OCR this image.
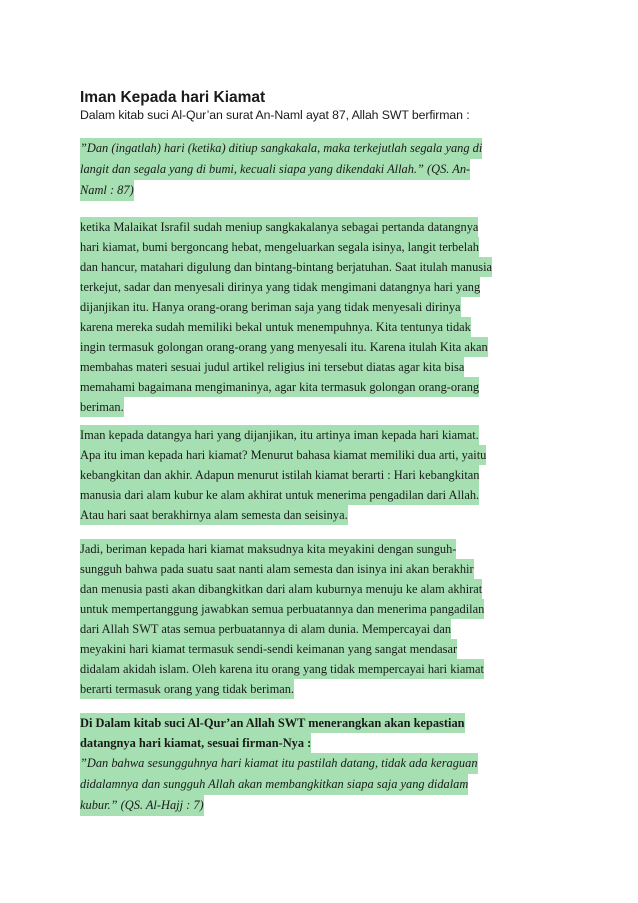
Iman Kepada hari Kiamat

Dalam kitab suci Al-Qur’an surat An-Naml ayat 87, Allah SWT berfirman :

”Dan (ingatlah) hari (ketika) ditiup sangkakala, maka terkejutlah segala yang di
langit dan segala yang di bumi, kecuali siapa yang dikendaki Allah.” (QS. An-
Naml : 87)
ketika Malaikat Israfil sudah meniup sangkakalanya sebagai pertanda datangnya
hari kiamat, bumi bergoncang hebat, mengeluarkan segala isinya, langit terbelah
dan hancur, matahari digulung dan bintang-bintang berjatuhan. Saat itulah manusia
terkejut, sadar dan menyesali dirinya yang tidak mengimani datangnya hari yang
dijanjikan itu. Hanya orang-orang beriman saja yang tidak menyesali dirinya
karena mereka sudah memiliki bekal untuk menempuhnya. Kita tentunya tidak
ingin termasuk golongan orang-orang yang menyesali itu. Karena itulah Kita akan
membahas materi sesuai judul artikel religius ini tersebut diatas agar kita bisa
memahami bagaimana mengimaninya, agar kita termasuk golongan orang-orang
beriman.
Iman kepada datangya hari yang dijanjikan, itu artinya iman kepada hari kiamat.
Apa itu iman kepada hari kiamat? Menurut bahasa kiamat memiliki dua arti, yaitu
kebangkitan dan akhir. Adapun menurut istilah kiamat berarti : Hari kebangkitan
manusia dari alam kubur ke alam akhirat untuk menerima pengadilan dari Allah.
Atau hari saat berakhirnya alam semesta dan seisinya.
Jadi, beriman kepada hari kiamat maksudnya kita meyakini dengan sunguh-
sungguh bahwa pada suatu saat nanti alam semesta dan isinya ini akan berakhir
dan menusia pasti akan dibangkitkan dari alam kuburnya menuju ke alam akhirat
untuk mempertanggung jawabkan semua perbuatannya dan menerima pangadilan
dari Allah SWT atas semua perbuatannya di alam dunia. Mempercayai dan
meyakini hari kiamat termasuk sendi-sendi keimanan yang sangat mendasar
didalam akidah islam. Oleh karena itu orang yang tidak mempercayai hari kiamat
berarti termasuk orang yang tidak beriman.
Di Dalam kitab suci Al-Qur’an Allah SWT menerangkan akan kepastian
datangnya hari kiamat, sesuai firman-Nya :
”Dan bahwa sesungguhnya hari kiamat itu pastilah datang, tidak ada keraguan
didalamnya dan sungguh Allah akan membangkitkan siapa saja yang didalam
kubur.” (QS. Al-Hajj : 7)
